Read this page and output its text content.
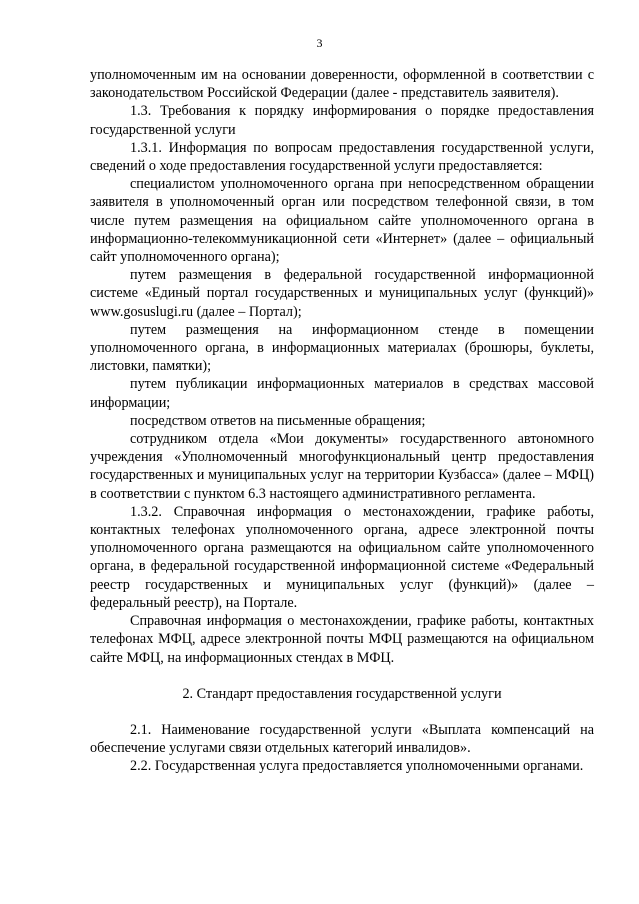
3

уполномоченным им на основании доверенности, оформленной в соответствии с законодательством Российской Федерации (далее - представитель заявителя).

1.3. Требования к порядку информирования о порядке предоставления государственной услуги

1.3.1. Информация по вопросам предоставления государственной услуги, сведений о ходе предоставления государственной услуги предоставляется:

специалистом уполномоченного органа при непосредственном обращении заявителя в уполномоченный орган или посредством телефонной связи, в том числе путем размещения на официальном сайте уполномоченного органа в информационно-телекоммуникационной сети «Интернет» (далее – официальный сайт уполномоченного органа);

путем размещения в федеральной государственной информационной системе «Единый портал государственных и муниципальных услуг (функций)» www.gosuslugi.ru (далее – Портал);

путем размещения на информационном стенде в помещении уполномоченного органа, в информационных материалах (брошюры, буклеты, листовки, памятки);

путем публикации информационных материалов в средствах массовой информации;

посредством ответов на письменные обращения;

сотрудником отдела «Мои документы» государственного автономного учреждения «Уполномоченный многофункциональный центр предоставления государственных и муниципальных услуг на территории Кузбасса» (далее – МФЦ) в соответствии с пунктом 6.3 настоящего административного регламента.

1.3.2. Справочная информация о местонахождении, графике работы, контактных телефонах уполномоченного органа, адресе электронной почты уполномоченного органа размещаются на официальном сайте уполномоченного органа, в федеральной государственной информационной системе «Федеральный реестр государственных и муниципальных услуг (функций)» (далее – федеральный реестр), на Портале.

Справочная информация о местонахождении, графике работы, контактных телефонах МФЦ, адресе электронной почты МФЦ размещаются на официальном сайте МФЦ, на информационных стендах в МФЦ.

2. Стандарт предоставления государственной услуги

2.1. Наименование государственной услуги «Выплата компенсаций на обеспечение услугами связи отдельных категорий инвалидов».

2.2. Государственная услуга предоставляется уполномоченными органами.
